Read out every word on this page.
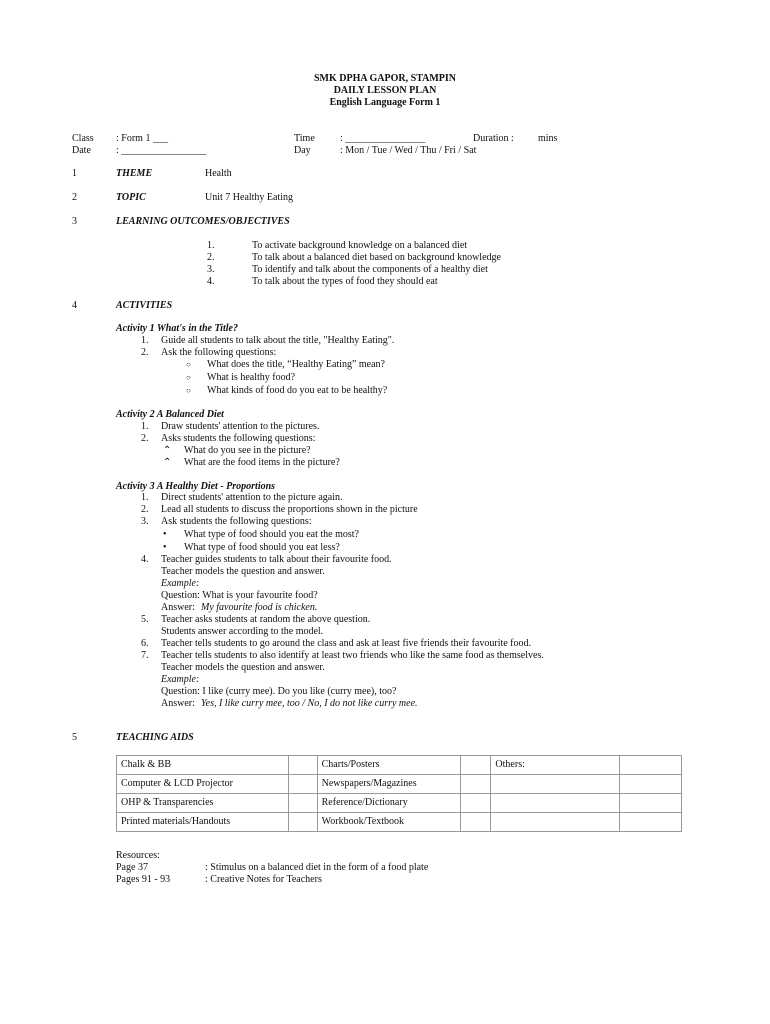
SMK DPHA GAPOR, STAMPIN
DAILY LESSON PLAN
English Language Form 1
Class : Form 1 ___
Date	: _________________
Time	: ________________	Duration : mins
Day	: Mon / Tue / Wed / Thu / Fri / Sat
1	THEME	Health
2	TOPIC	Unit 7 Healthy Eating
3	LEARNING OUTCOMES/OBJECTIVES
1.	To activate background knowledge on a balanced diet
2.	To talk about a balanced diet based on background knowledge
3.	To identify and talk about the components of a healthy diet
4.	To talk about the types of food they should eat
4	ACTIVITIES
Activity 1 What's in the Title?
1. Guide all students to talk about the title, "Healthy Eating".
2. Ask the following questions:
○ What does the title, “Healthy Eating” mean?
○ What is healthy food?
○ What kinds of food do you eat to be healthy?
Activity 2 A Balanced Diet
1. Draw students' attention to the pictures.
2. Asks students the following questions:
⌃ What do you see in the picture?
⌃ What are the food items in the picture?
Activity 3 A Healthy Diet - Proportions
1. Direct students' attention to the picture again.
2. Lead all students to discuss the proportions shown in the picture
3. Ask students the following questions:
• What type of food should you eat the most?
• What type of food should you eat less?
4. Teacher guides students to talk about their favourite food.
Teacher models the question and answer.
Example:
Question: What is your favourite food?
Answer: My favourite food is chicken.
5. Teacher asks students at random the above question.
Students answer according to the model.
6. Teacher tells students to go around the class and ask at least five friends their favourite food.
7. Teacher tells students to also identify at least two friends who like the same food as themselves.
Teacher models the question and answer.
Example:
Question: I like (curry mee). Do you like (curry mee), too?
Answer: Yes, I like curry mee, too / No, I do not like curry mee.
5	TEACHING AIDS
Chalk & BB		Charts/Posters		Others:	
Computer & LCD Projector		Newspapers/Magazines			
OHP & Transparencies		Reference/Dictionary			
Printed materials/Handouts		Workbook/Textbook			
Resources:
Page 37	: Stimulus on a balanced diet in the form of a food plate
Pages 91 - 93	: Creative Notes for Teachers
